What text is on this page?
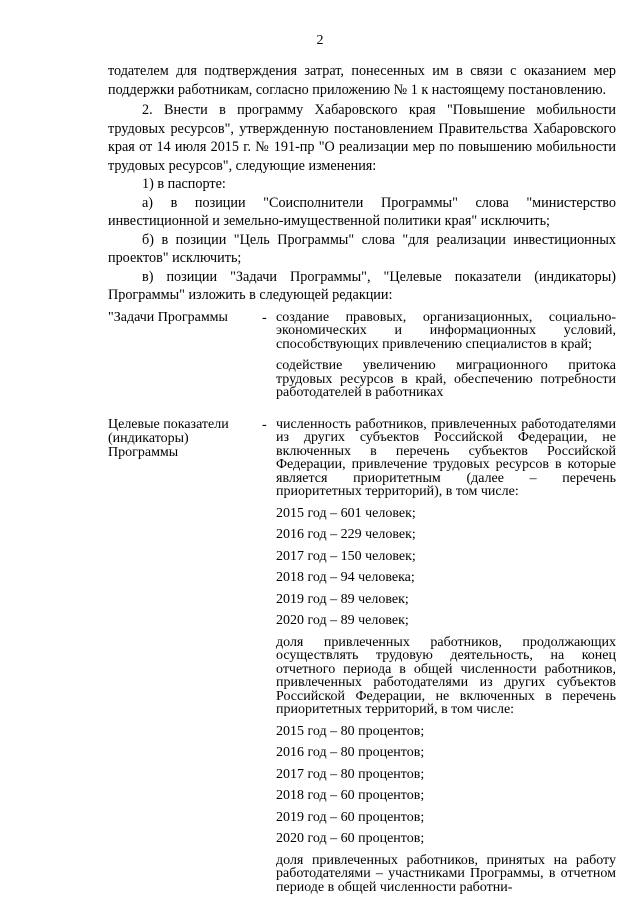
2

тодателем для подтверждения затрат, понесенных им в связи с оказанием мер поддержки работникам, согласно приложению № 1 к настоящему постановлению.

2. Внести в программу Хабаровского края "Повышение мобильности трудовых ресурсов", утвержденную постановлением Правительства Хабаровского края от 14 июля 2015 г. № 191-пр "О реализации мер по повышению мобильности трудовых ресурсов", следующие изменения:

1) в паспорте:

а) в позиции "Соисполнители Программы" слова "министерство инвестиционной и земельно-имущественной политики края" исключить;

б) в позиции "Цель Программы" слова "для реализации инвестиционных проектов" исключить;

в) позиции "Задачи Программы", "Целевые показатели (индикаторы) Программы" изложить в следующей редакции:

"Задачи Программы	- создание правовых, организационных, социально-экономических и информационных условий, способствующих привлечению специалистов в край;

содействие увеличению миграционного притока трудовых ресурсов в край, обеспечению потребности работодателей в работниках

Целевые показатели (индикаторы) Программы
- численность работников, привлеченных работодателями из других субъектов Российской Федерации, не включенных в перечень субъектов Российской Федерации, привлечение трудовых ресурсов в которые является приоритетным (далее – перечень приоритетных территорий), в том числе:

2015 год – 601 человек;

2016 год – 229 человек;

2017 год – 150 человек;

2018 год – 94 человека;

2019 год – 89 человек;

2020 год – 89 человек;

доля привлеченных работников, продолжающих осуществлять трудовую деятельность, на конец отчетного периода в общей численности работников, привлеченных работодателями из других субъектов Российской Федерации, не включенных в перечень приоритетных территорий, в том числе:

2015 год – 80 процентов;

2016 год – 80 процентов;

2017 год – 80 процентов;

2018 год – 60 процентов;

2019 год – 60 процентов;

2020 год – 60 процентов;

доля привлеченных работников, принятых на работу работодателями – участниками Программы, в отчетном периоде в общей численности работни-
